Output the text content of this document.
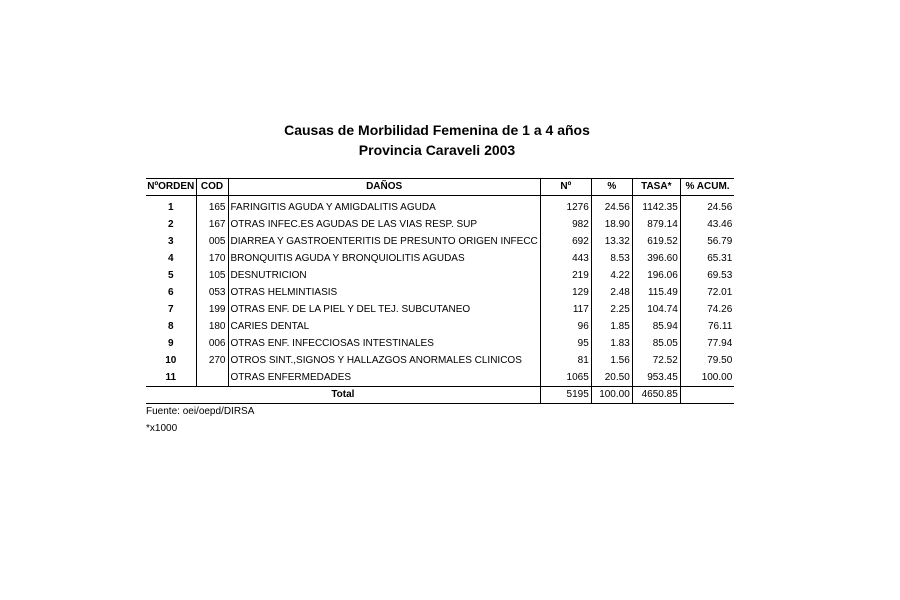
Causas de Morbilidad Femenina de 1 a 4 años
Provincia Caraveli 2003
NºORDEN	COD	DAÑOS	Nº	%	TASA*	% ACUM.

1	165	FARINGITIS AGUDA Y AMIGDALITIS AGUDA	1276	24.56	1142.35	24.56
2	167	OTRAS INFEC.ES AGUDAS DE LAS VIAS RESP. SUP	982	18.90	879.14	43.46
3	005	DIARREA Y GASTROENTERITIS DE PRESUNTO ORIGEN INFECC	692	13.32	619.52	56.79
4	170	BRONQUITIS AGUDA Y BRONQUIOLITIS AGUDAS	443	8.53	396.60	65.31
5	105	DESNUTRICION	219	4.22	196.06	69.53
6	053	OTRAS HELMINTIASIS	129	2.48	115.49	72.01
7	199	OTRAS ENF. DE LA PIEL Y DEL TEJ. SUBCUTANEO	117	2.25	104.74	74.26
8	180	CARIES DENTAL	96	1.85	85.94	76.11
9	006	OTRAS ENF. INFECCIOSAS INTESTINALES	95	1.83	85.05	77.94
10	270	OTROS SINT.,SIGNOS Y HALLAZGOS ANORMALES CLINICOS	81	1.56	72.52	79.50
11		OTRAS ENFERMEDADES	1065	20.50	953.45	100.00
Total			5195	100.00	4650.85	
Fuente: oei/oepd/DIRSA
*x1000
